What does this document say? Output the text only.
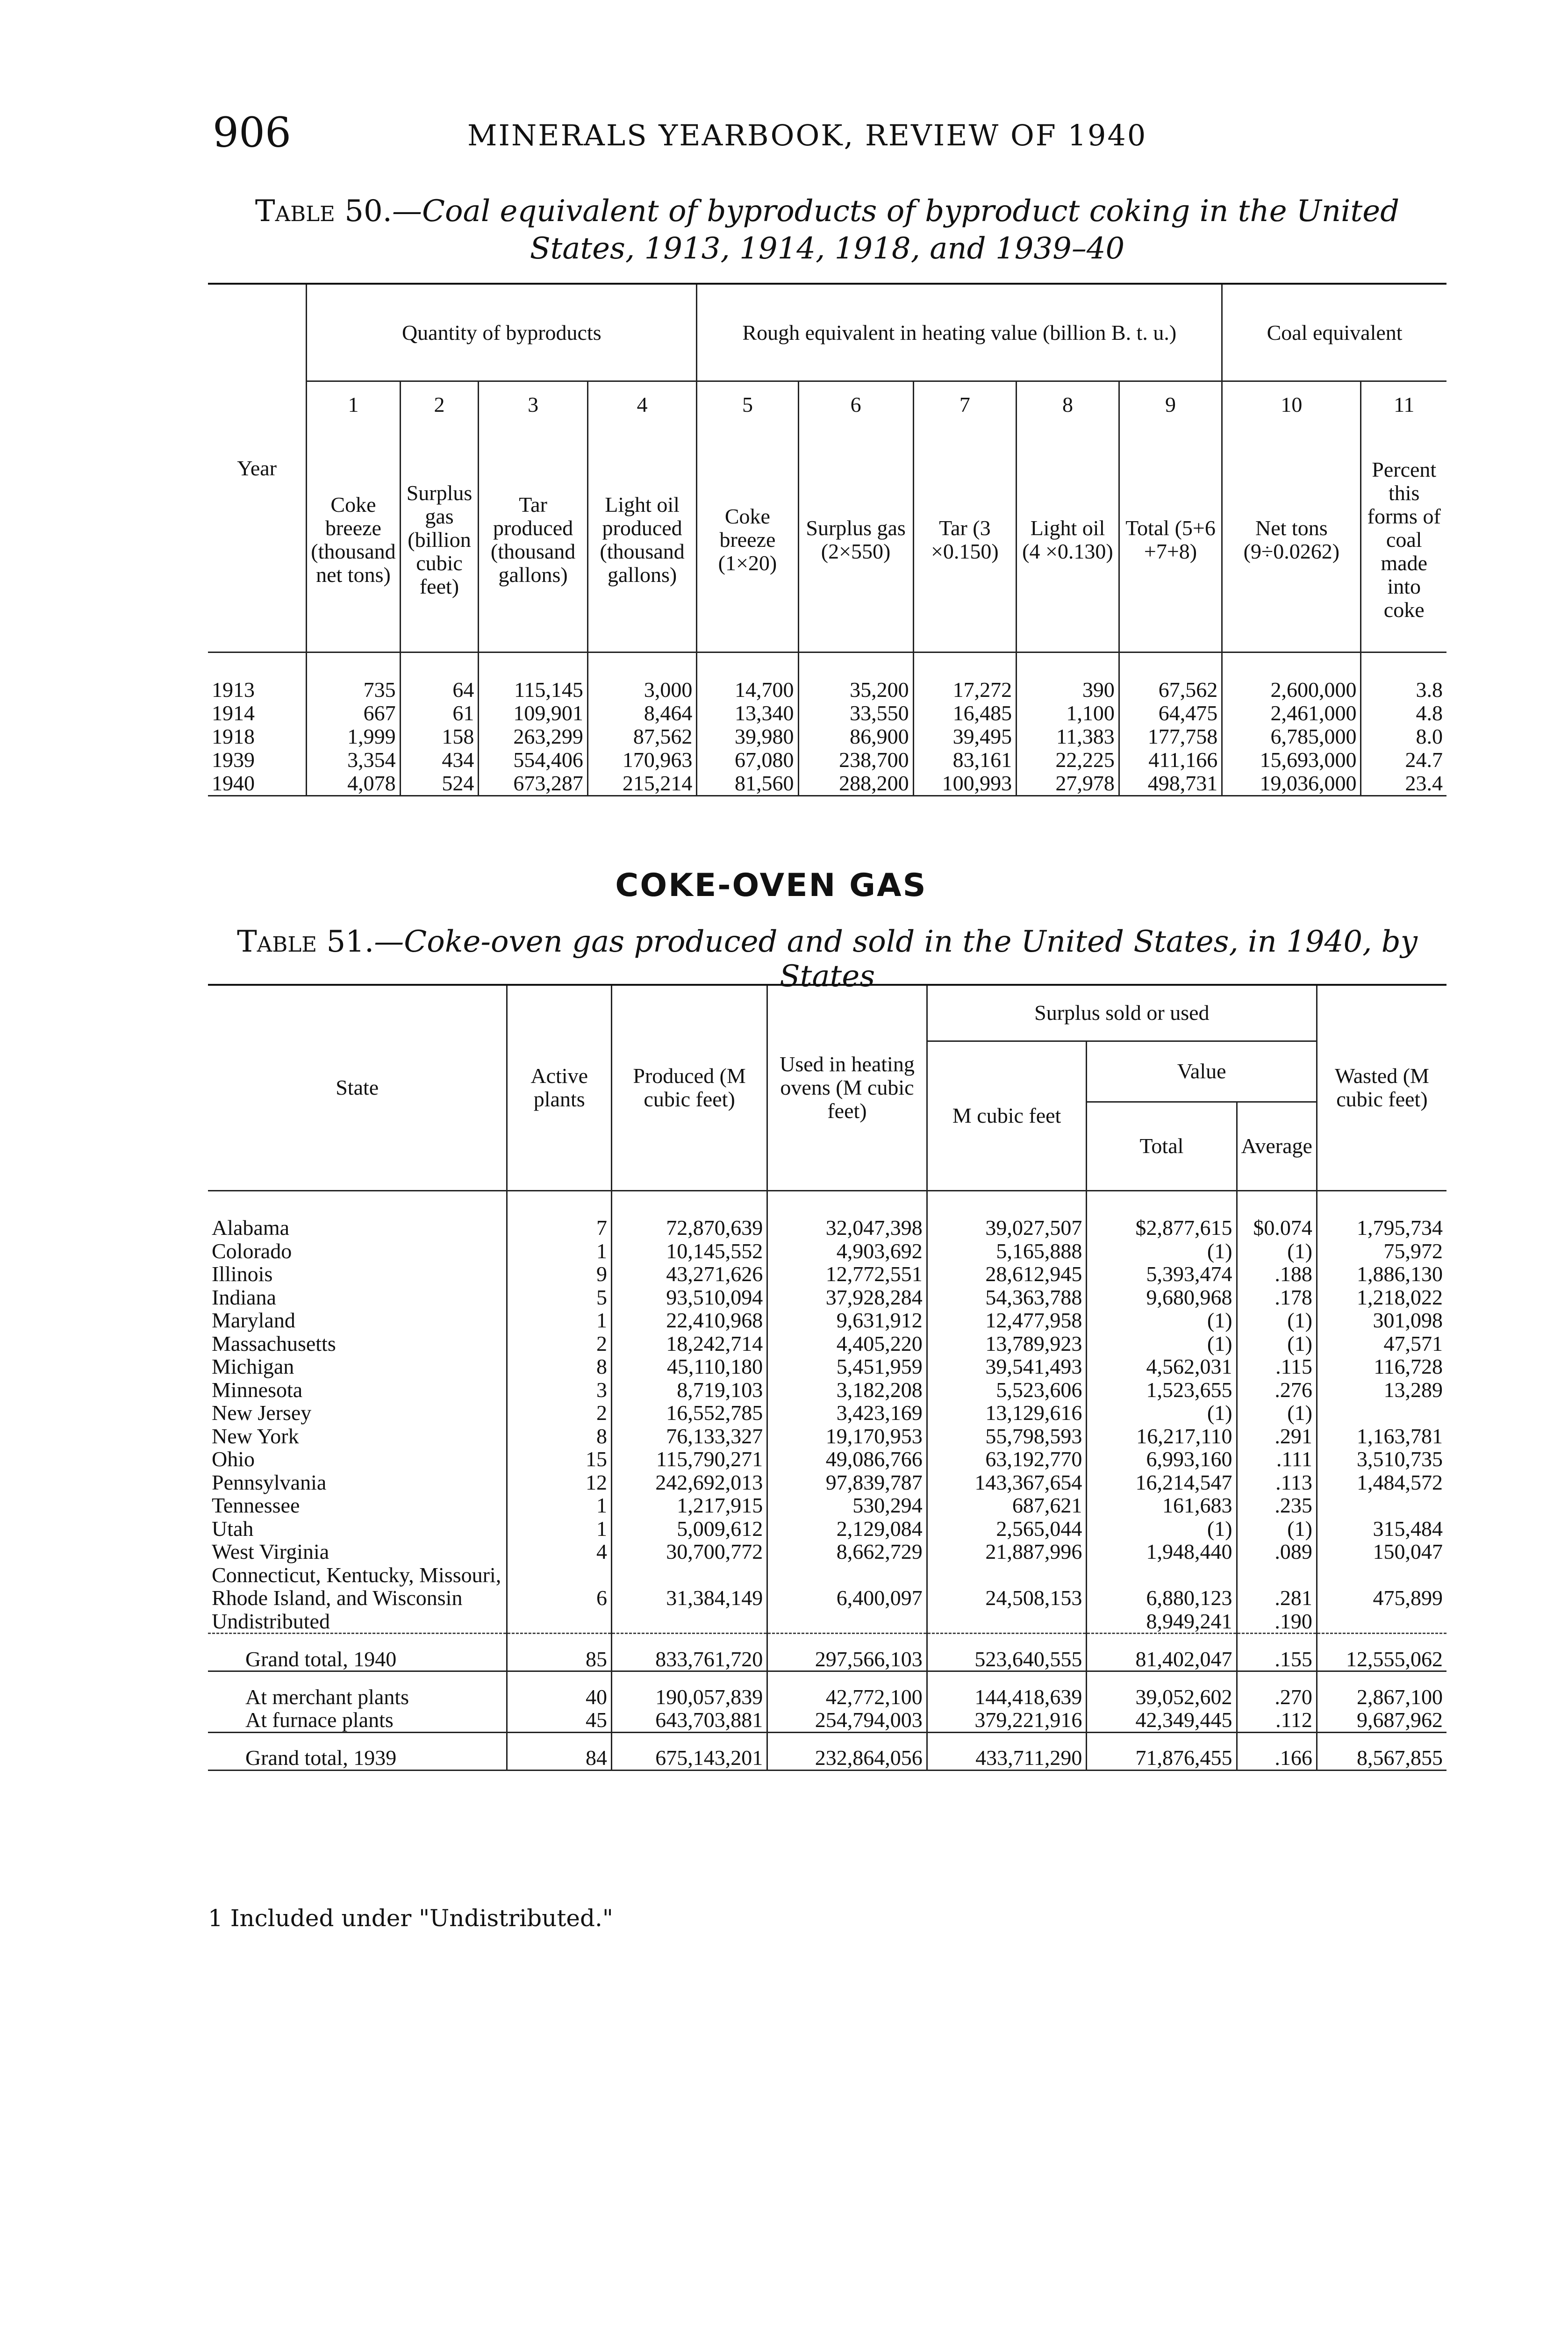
906	MINERALS YEARBOOK, REVIEW OF 1940
Table 50.—Coal equivalent of byproducts of byproduct coking in the United States, 1913, 1914, 1918, and 1939–40
Year	Quantity of byproducts				Rough equivalent in heating value (billion B. t. u.)					Coal equivalent	
	1	2	3	4	5	6	7	8	9	10	11
	Coke breeze (thousand net tons)	Surplus gas (billion cubic feet)	Tar produced (thousand gallons)	Light oil produced (thousand gallons)	Coke breeze (1×20)	Surplus gas (2×550)	Tar (3 ×0.150)	Light oil (4 ×0.130)	Total (5+6 +7+8)	Net tons (9÷0.0262)	Percent this forms of coal made into coke

1913	735	64	115,145	3,000	14,700	35,200	17,272	390	67,562	2,600,000	3.8
1914	667	61	109,901	8,464	13,340	33,550	16,485	1,100	64,475	2,461,000	4.8
1918	1,999	158	263,299	87,562	39,980	86,900	39,495	11,383	177,758	6,785,000	8.0
1939	3,354	434	554,406	170,963	67,080	238,700	83,161	22,225	411,166	15,693,000	24.7
1940	4,078	524	673,287	215,214	81,560	288,200	100,993	27,978	498,731	19,036,000	23.4
COKE-OVEN GAS
Table 51.—Coke-oven gas produced and sold in the United States, in 1940, by States
State	Active plants	Produced (M cubic feet)	Used in heating ovens (M cubic feet)	Surplus sold or used			Wasted (M cubic feet)
				M cubic feet	Value		
					Total	Average	

Alabama	7	72,870,639	32,047,398	39,027,507	$2,877,615	$0.074	1,795,734
Colorado	1	10,145,552	4,903,692	5,165,888	(1)	(1)	75,972
Illinois	9	43,271,626	12,772,551	28,612,945	5,393,474	.188	1,886,130
Indiana	5	93,510,094	37,928,284	54,363,788	9,680,968	.178	1,218,022
Maryland	1	22,410,968	9,631,912	12,477,958	(1)	(1)	301,098
Massachusetts	2	18,242,714	4,405,220	13,789,923	(1)	(1)	47,571
Michigan	8	45,110,180	5,451,959	39,541,493	4,562,031	.115	116,728
Minnesota	3	8,719,103	3,182,208	5,523,606	1,523,655	.276	13,289
New Jersey	2	16,552,785	3,423,169	13,129,616	(1)	(1)	
New York	8	76,133,327	19,170,953	55,798,593	16,217,110	.291	1,163,781
Ohio	15	115,790,271	49,086,766	63,192,770	6,993,160	.111	3,510,735
Pennsylvania	12	242,692,013	97,839,787	143,367,654	16,214,547	.113	1,484,572
Tennessee	1	1,217,915	530,294	687,621	161,683	.235	
Utah	1	5,009,612	2,129,084	2,565,044	(1)	(1)	315,484
West Virginia	4	30,700,772	8,662,729	21,887,996	1,948,440	.089	150,047
Connecticut, Kentucky, Missouri, Rhode Island, and Wisconsin	6	31,384,149	6,400,097	24,508,153	6,880,123	.281	475,899
Undistributed					8,949,241	.190	

Grand total, 1940	85	833,761,720	297,566,103	523,640,555	81,402,047	.155	12,555,062

At merchant plants	40	190,057,839	42,772,100	144,418,639	39,052,602	.270	2,867,100
At furnace plants	45	643,703,881	254,794,003	379,221,916	42,349,445	.112	9,687,962

Grand total, 1939	84	675,143,201	232,864,056	433,711,290	71,876,455	.166	8,567,855
1 Included under "Undistributed."
